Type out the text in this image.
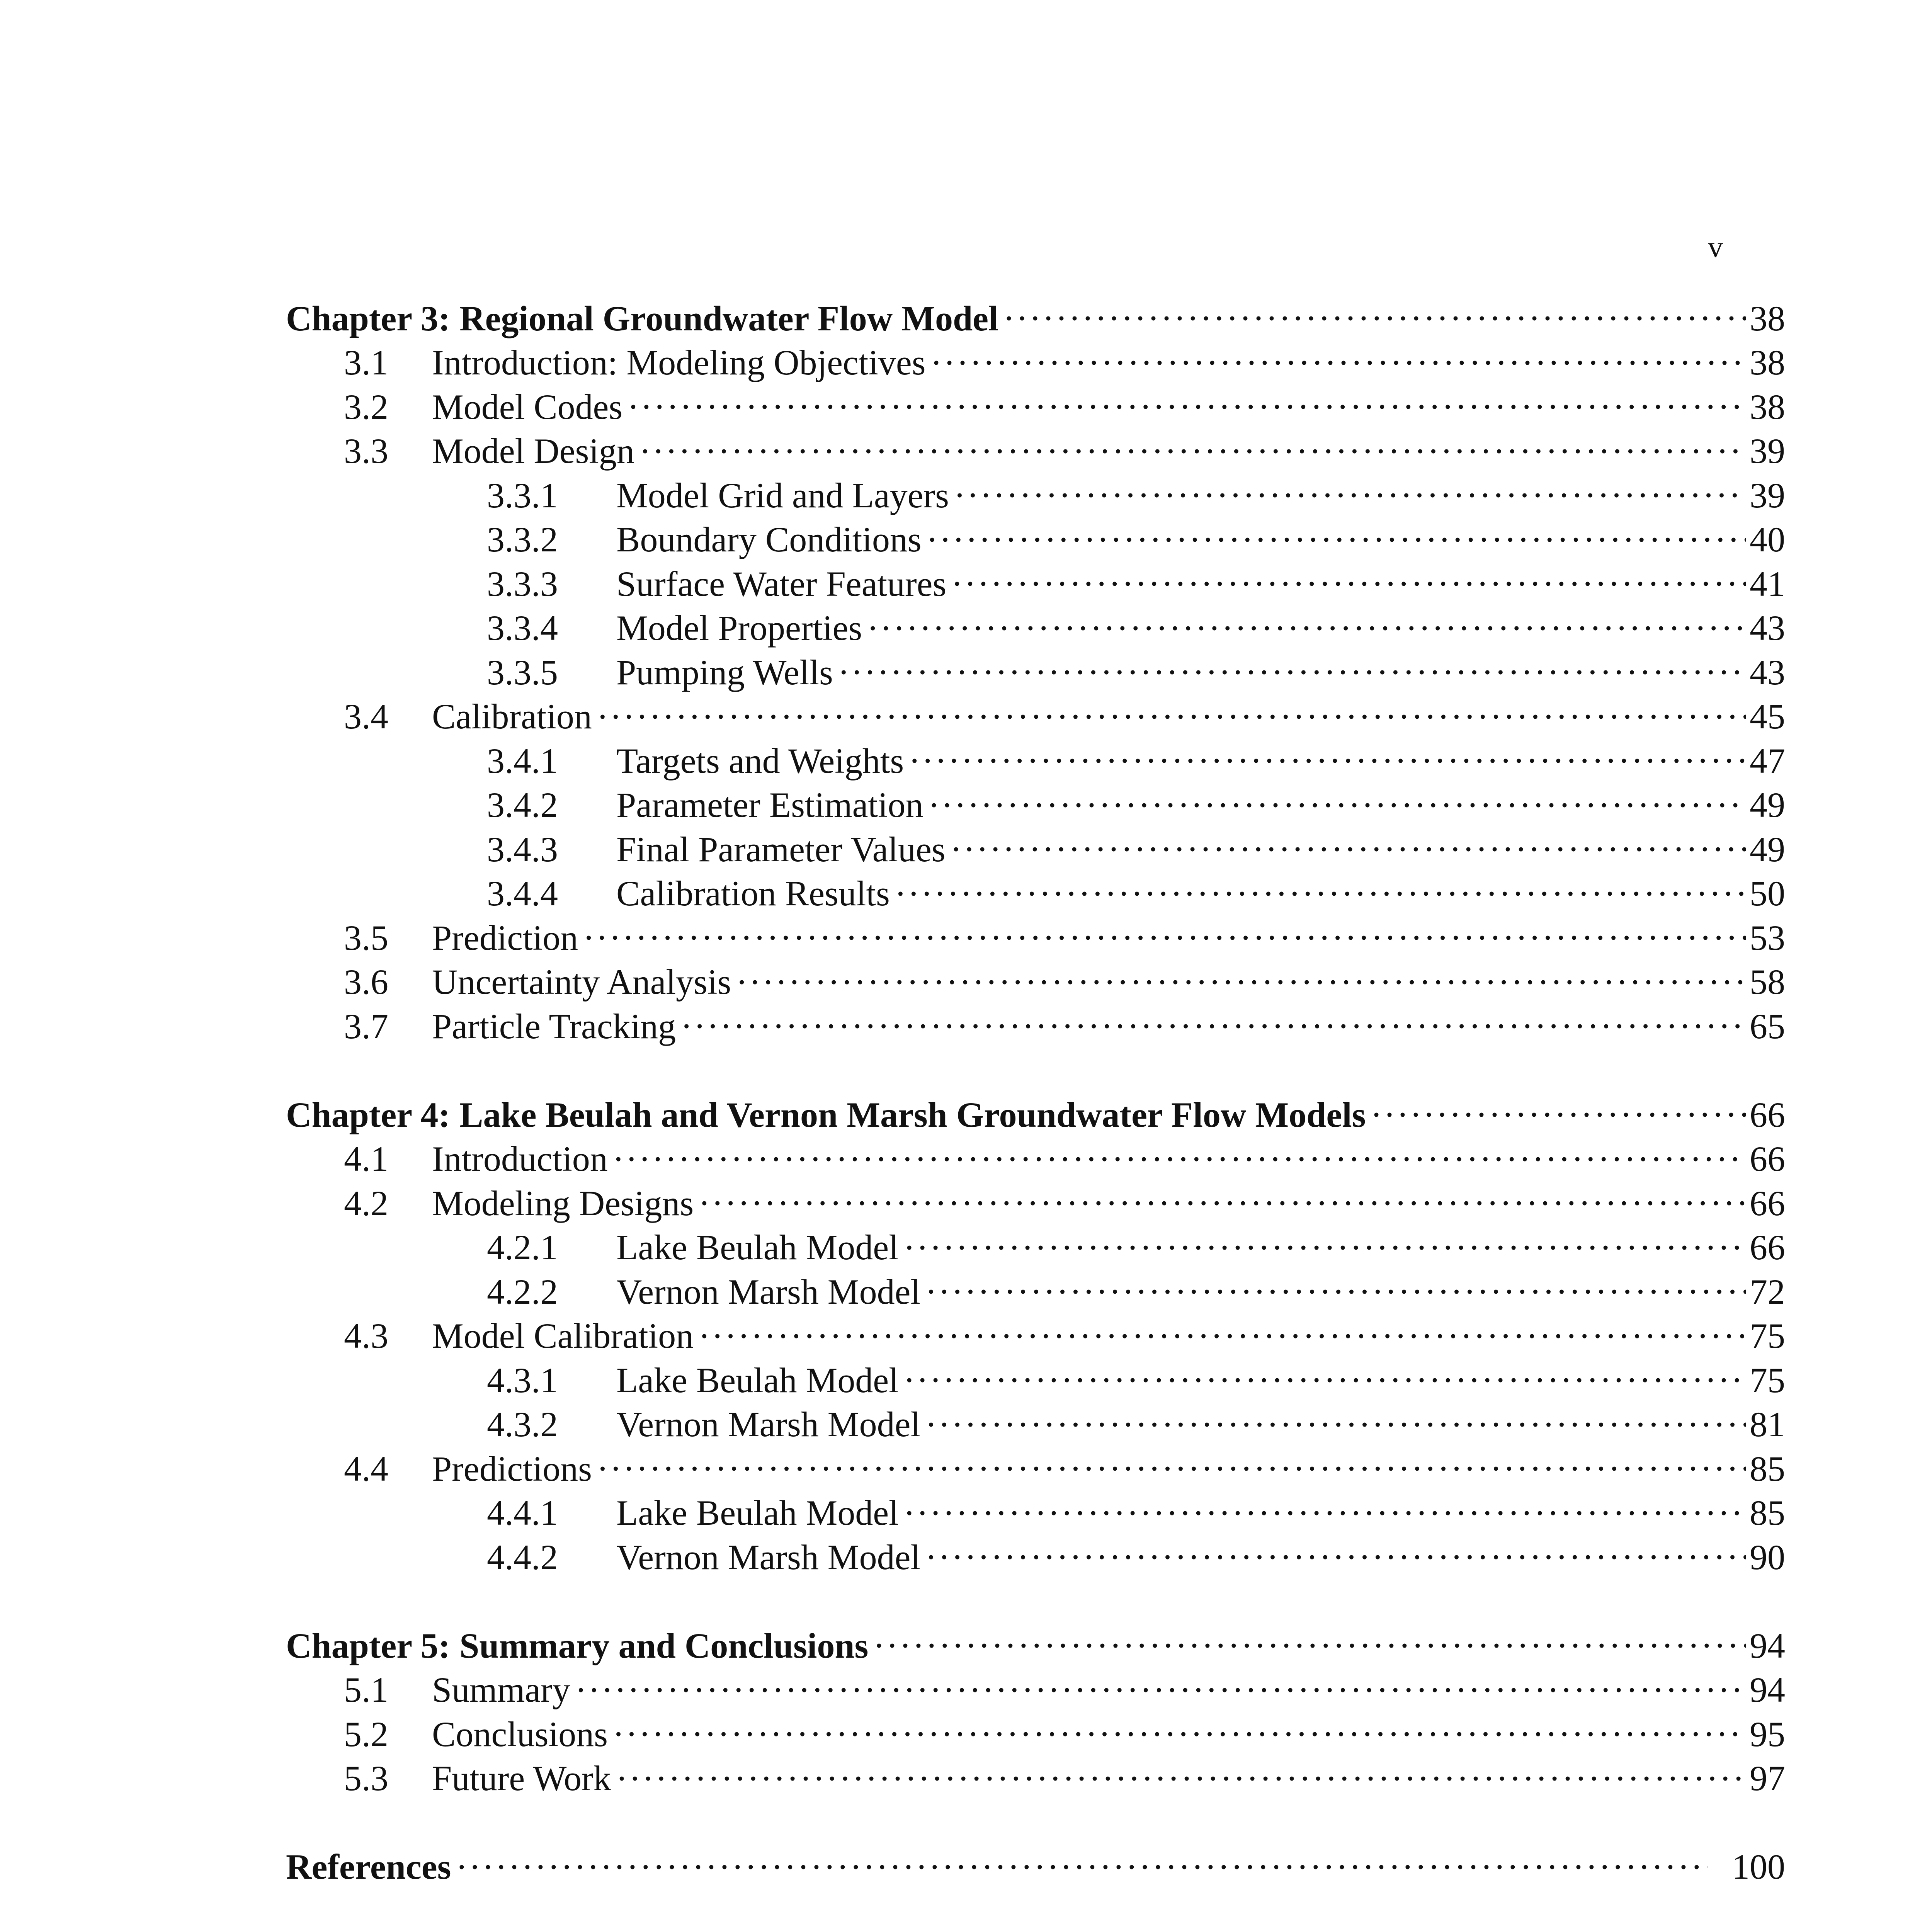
v
Chapter 3: Regional Groundwater Flow Model . . .	38
3.1	Introduction: Modeling Objectives . . .	38
3.2	Model Codes . . .	38
3.3	Model Design . . .	39
3.3.1	Model Grid and Layers . . .	39
3.3.2	Boundary Conditions . . .	40
3.3.3	Surface Water Features . . .	41
3.3.4	Model Properties . . .	43
3.3.5	Pumping Wells . . .	43
3.4	Calibration . . .	45
3.4.1	Targets and Weights . . .	47
3.4.2	Parameter Estimation . . .	49
3.4.3	Final Parameter Values . . .	49
3.4.4	Calibration Results . . .	50
3.5	Prediction . . .	53
3.6	Uncertainty Analysis . . .	58
3.7	Particle Tracking . . .	65
Chapter 4: Lake Beulah and Vernon Marsh Groundwater Flow Models . . .	66
4.1	Introduction . . .	66
4.2	Modeling Designs . . .	66
4.2.1	Lake Beulah Model . . .	66
4.2.2	Vernon Marsh Model . . .	72
4.3	Model Calibration . . .	75
4.3.1	Lake Beulah Model . . .	75
4.3.2	Vernon Marsh Model . . .	81
4.4	Predictions . . .	85
4.4.1	Lake Beulah Model . . .	85
4.4.2	Vernon Marsh Model . . .	90
Chapter 5: Summary and Conclusions . . .	94
5.1	Summary . . .	94
5.2	Conclusions . . .	95
5.3	Future Work . . .	97
References . . .	100
. . .
